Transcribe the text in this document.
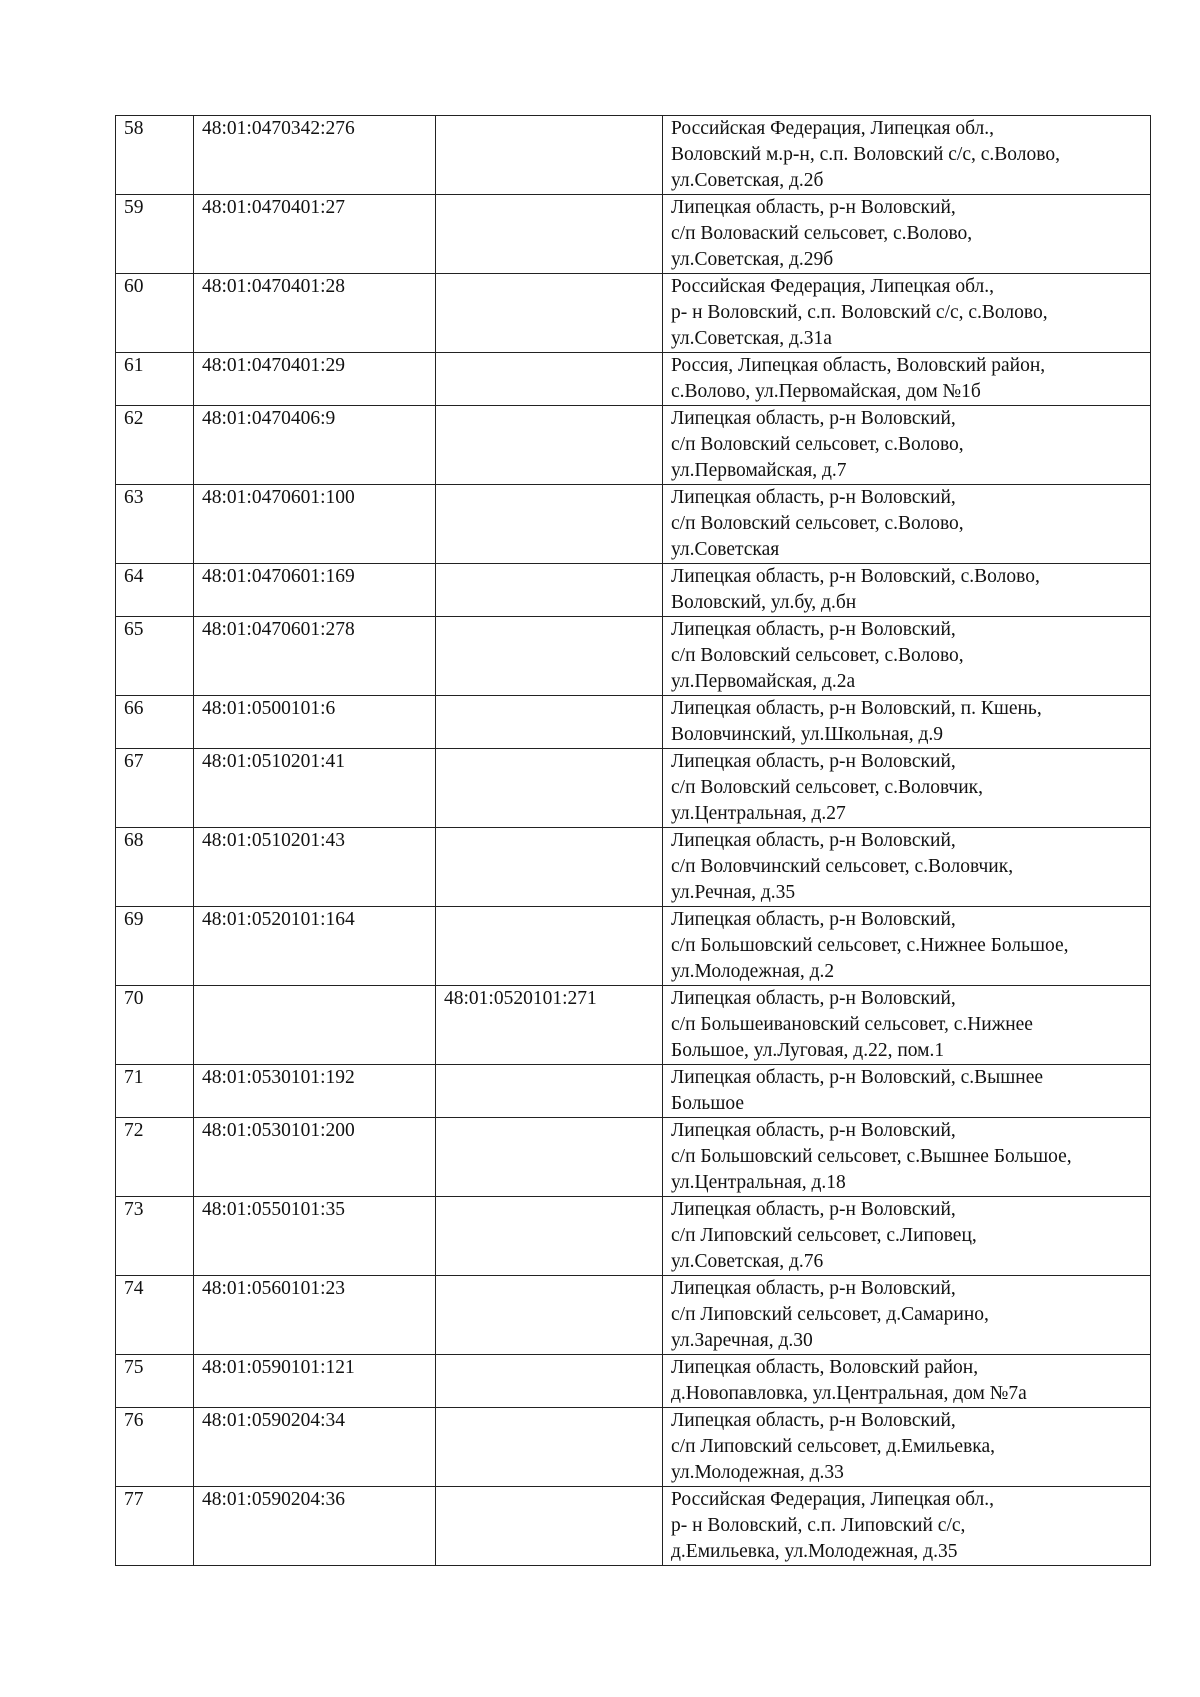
58	48:01:0470342:276		Российская Федерация, Липецкая обл.,
Воловский м.р-н, с.п. Воловский с/с, с.Волово,
ул.Советская, д.2б

59	48:01:0470401:27		Липецкая область, р-н Воловский,
с/п Воловаский сельсовет, с.Волово,
ул.Советская, д.29б

60	48:01:0470401:28		Российская Федерация, Липецкая обл.,
р- н Воловский, с.п. Воловский с/с, с.Волово,
ул.Советская, д.31а

61	48:01:0470401:29		Россия, Липецкая область, Воловский район,
с.Волово, ул.Первомайская, дом №1б

62	48:01:0470406:9		Липецкая область, р-н Воловский,
с/п Воловский сельсовет, с.Волово,
ул.Первомайская, д.7

63	48:01:0470601:100		Липецкая область, р-н Воловский,
с/п Воловский сельсовет, с.Волово,
ул.Советская

64	48:01:0470601:169		Липецкая область, р-н Воловский, с.Волово,
Воловский, ул.бу, д.бн

65	48:01:0470601:278		Липецкая область, р-н Воловский,
с/п Воловский сельсовет, с.Волово,
ул.Первомайская, д.2а

66	48:01:0500101:6		Липецкая область, р-н Воловский, п. Кшень,
Воловчинский, ул.Школьная, д.9

67	48:01:0510201:41		Липецкая область, р-н Воловский,
с/п Воловский сельсовет, с.Воловчик,
ул.Центральная, д.27

68	48:01:0510201:43		Липецкая область, р-н Воловский,
с/п Воловчинский сельсовет, с.Воловчик,
ул.Речная, д.35

69	48:01:0520101:164		Липецкая область, р-н Воловский,
с/п Большовский сельсовет, с.Нижнее Большое,
ул.Молодежная, д.2

70		48:01:0520101:271	Липецкая область, р-н Воловский,
с/п Большеивановский сельсовет, с.Нижнее
Большое, ул.Луговая, д.22, пом.1

71	48:01:0530101:192		Липецкая область, р-н Воловский, с.Вышнее
Большое

72	48:01:0530101:200		Липецкая область, р-н Воловский,
с/п Большовский сельсовет, с.Вышнее Большое,
ул.Центральная, д.18

73	48:01:0550101:35		Липецкая область, р-н Воловский,
с/п Липовский сельсовет, с.Липовец,
ул.Советская, д.76

74	48:01:0560101:23		Липецкая область, р-н Воловский,
с/п Липовский сельсовет, д.Самарино,
ул.Заречная, д.30

75	48:01:0590101:121		Липецкая область, Воловский район,
д.Новопавловка, ул.Центральная, дом №7а

76	48:01:0590204:34		Липецкая область, р-н Воловский,
с/п Липовский сельсовет, д.Емильевка,
ул.Молодежная, д.33

77	48:01:0590204:36		Российская Федерация, Липецкая обл.,
р- н Воловский, с.п. Липовский с/с,
д.Емильевка, ул.Молодежная, д.35
